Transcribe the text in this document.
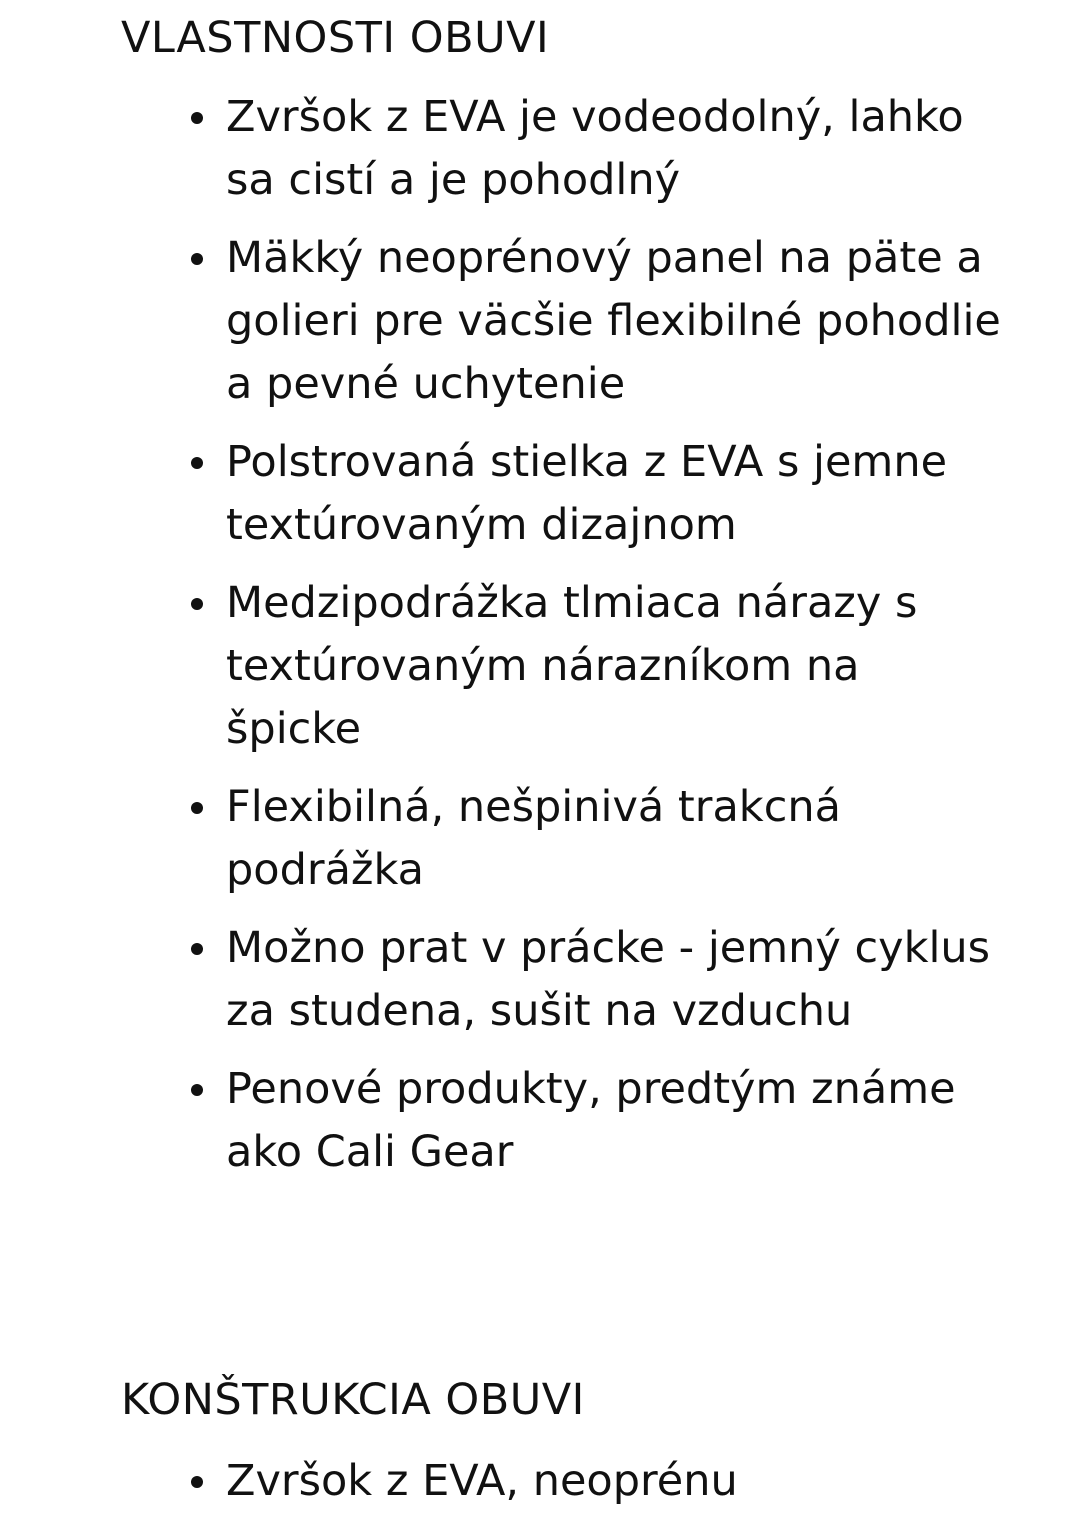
VLASTNOSTI OBUVI
Zvršok z EVA je vodeodolný, lahko sa cistí a je pohodlný
Mäkký neoprénový panel na päte a golieri pre väcšie flexibilné pohodlie a pevné uchytenie
Polstrovaná stielka z EVA s jemne textúrovaným dizajnom
Medzipodrážka tlmiaca nárazy s textúrovaným nárazníkom na špicke
Flexibilná, nešpinivá trakcná podrážka
Možno prat v prácke - jemný cyklus za studena, sušit na vzduchu
Penové produkty, predtým známe ako Cali Gear
KONŠTRUKCIA OBUVI
Zvršok z EVA, neoprénu
